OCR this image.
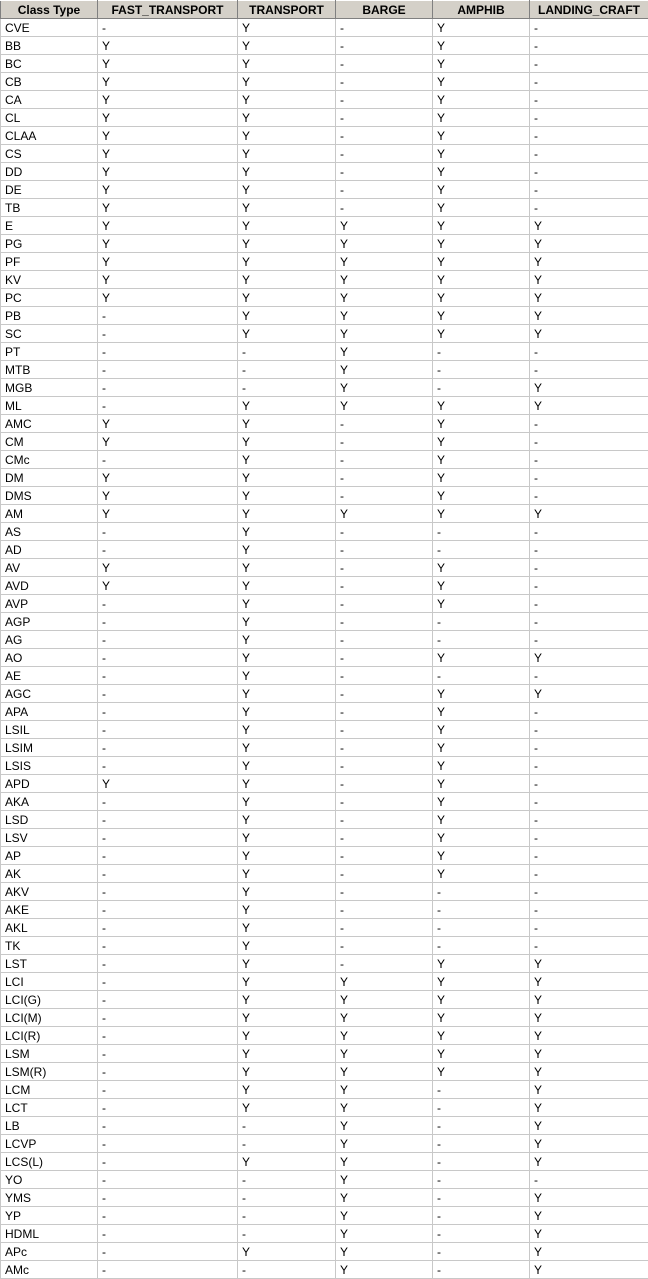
Class Type	FAST_TRANSPORT	TRANSPORT	BARGE	AMPHIB	LANDING_CRAFT
CVE	-	Y	-	Y	-
BB	Y	Y	-	Y	-
BC	Y	Y	-	Y	-
CB	Y	Y	-	Y	-
CA	Y	Y	-	Y	-
CL	Y	Y	-	Y	-
CLAA	Y	Y	-	Y	-
CS	Y	Y	-	Y	-
DD	Y	Y	-	Y	-
DE	Y	Y	-	Y	-
TB	Y	Y	-	Y	-
E	Y	Y	Y	Y	Y
PG	Y	Y	Y	Y	Y
PF	Y	Y	Y	Y	Y
KV	Y	Y	Y	Y	Y
PC	Y	Y	Y	Y	Y
PB	-	Y	Y	Y	Y
SC	-	Y	Y	Y	Y
PT	-	-	Y	-	-
MTB	-	-	Y	-	-
MGB	-	-	Y	-	Y
ML	-	Y	Y	Y	Y
AMC	Y	Y	-	Y	-
CM	Y	Y	-	Y	-
CMc	-	Y	-	Y	-
DM	Y	Y	-	Y	-
DMS	Y	Y	-	Y	-
AM	Y	Y	Y	Y	Y
AS	-	Y	-	-	-
AD	-	Y	-	-	-
AV	Y	Y	-	Y	-
AVD	Y	Y	-	Y	-
AVP	-	Y	-	Y	-
AGP	-	Y	-	-	-
AG	-	Y	-	-	-
AO	-	Y	-	Y	Y
AE	-	Y	-	-	-
AGC	-	Y	-	Y	Y
APA	-	Y	-	Y	-
LSIL	-	Y	-	Y	-
LSIM	-	Y	-	Y	-
LSIS	-	Y	-	Y	-
APD	Y	Y	-	Y	-
AKA	-	Y	-	Y	-
LSD	-	Y	-	Y	-
LSV	-	Y	-	Y	-
AP	-	Y	-	Y	-
AK	-	Y	-	Y	-
AKV	-	Y	-	-	-
AKE	-	Y	-	-	-
AKL	-	Y	-	-	-
TK	-	Y	-	-	-
LST	-	Y	-	Y	Y
LCI	-	Y	Y	Y	Y
LCI(G)	-	Y	Y	Y	Y
LCI(M)	-	Y	Y	Y	Y
LCI(R)	-	Y	Y	Y	Y
LSM	-	Y	Y	Y	Y
LSM(R)	-	Y	Y	Y	Y
LCM	-	Y	Y	-	Y
LCT	-	Y	Y	-	Y
LB	-	-	Y	-	Y
LCVP	-	-	Y	-	Y
LCS(L)	-	Y	Y	-	Y
YO	-	-	Y	-	-
YMS	-	-	Y	-	Y
YP	-	-	Y	-	Y
HDML	-	-	Y	-	Y
APc	-	Y	Y	-	Y
AMc	-	-	Y	-	Y
